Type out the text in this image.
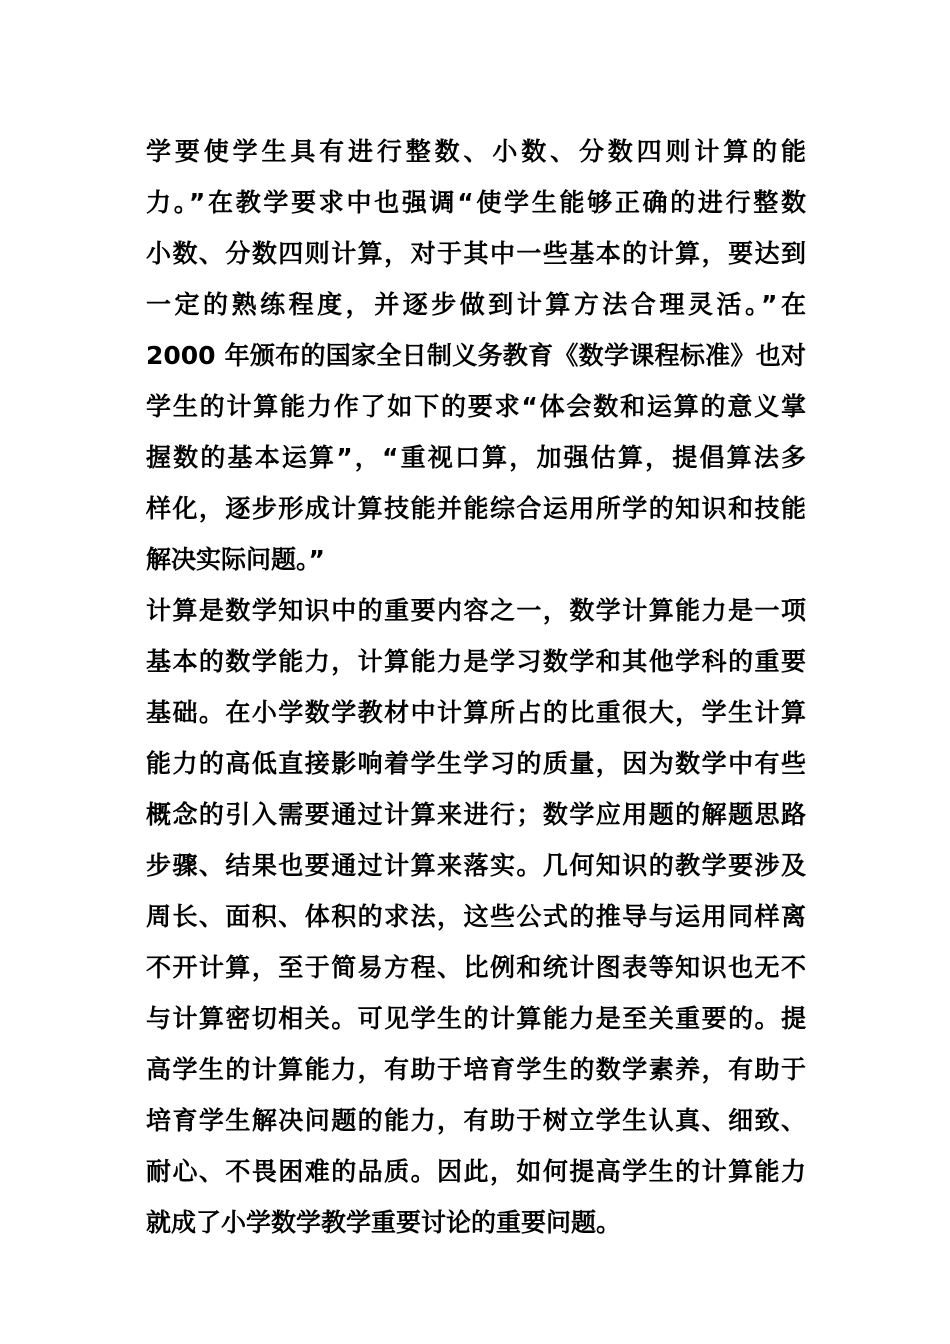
学要使学生具有进行整数、小数、分数四则计算的能
力。”在教学要求中也强调“使学生能够正确的进行整数
小数、分数四则计算，对于其中一些基本的计算，要达到
一定的熟练程度，并逐步做到计算方法合理灵活。”在
2000 年颁布的国家全日制义务教育《数学课程标准》也对
学生的计算能力作了如下的要求“体会数和运算的意义掌
握数的基本运算”，“重视口算，加强估算，提倡算法多
样化，逐步形成计算技能并能综合运用所学的知识和技能
解决实际问题。”
计算是数学知识中的重要内容之一，数学计算能力是一项
基本的数学能力，计算能力是学习数学和其他学科的重要
基础。在小学数学教材中计算所占的比重很大，学生计算
能力的高低直接影响着学生学习的质量，因为数学中有些
概念的引入需要通过计算来进行；数学应用题的解题思路
步骤、结果也要通过计算来落实。几何知识的教学要涉及
周长、面积、体积的求法，这些公式的推导与运用同样离
不开计算，至于简易方程、比例和统计图表等知识也无不
与计算密切相关。可见学生的计算能力是至关重要的。提
高学生的计算能力，有助于培育学生的数学素养，有助于
培育学生解决问题的能力，有助于树立学生认真、细致、
耐心、不畏困难的品质。因此，如何提高学生的计算能力
就成了小学数学教学重要讨论的重要问题。
